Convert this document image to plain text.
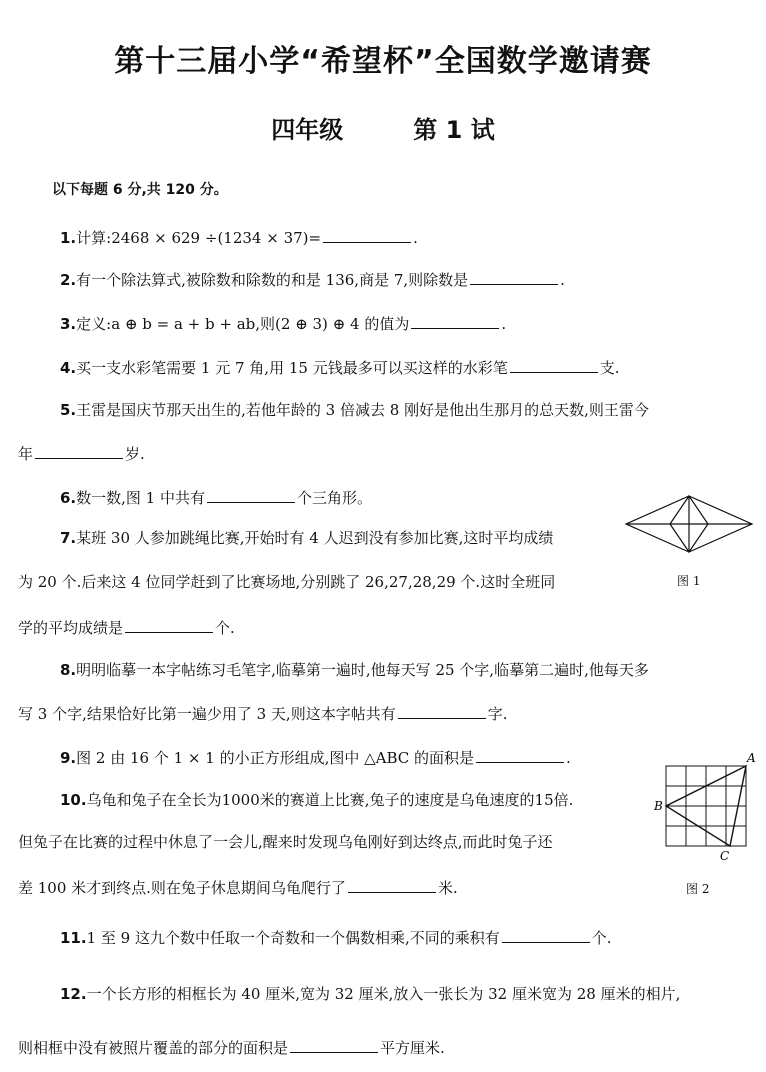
第十三届小学“希望杯”全国数学邀请赛
四年级	第 1 试
以下每题 6 分,共 120 分。
1.计算:2468 × 629 ÷(1234 × 37)=	.
2.有一个除法算式,被除数和除数的和是 136,商是 7,则除数是	.
3.定义:a ⊕ b = a + b + ab,则(2 ⊕ 3) ⊕ 4 的值为	.
4.买一支水彩笔需要 1 元 7 角,用 15 元钱最多可以买这样的水彩笔	支.
5.王雷是国庆节那天出生的,若他年龄的 3 倍减去 8 刚好是他出生那月的总天数,则王雷今
年	岁.
6.数一数,图 1 中共有	个三角形。
7.某班 30 人参加跳绳比赛,开始时有 4 人迟到没有参加比赛,这时平均成绩
为 20 个.后来这 4 位同学赶到了比赛场地,分别跳了 26,27,28,29 个.这时全班同
学的平均成绩是	个.
图 1
8.明明临摹一本字帖练习毛笔字,临摹第一遍时,他每天写 25 个字,临摹第二遍时,他每天多
写 3 个字,结果恰好比第一遍少用了 3 天,则这本字帖共有	字.
9.图 2 由 16 个 1 × 1 的小正方形组成,图中 △ABC 的面积是	.
10.乌龟和兔子在全长为1000米的赛道上比赛,兔子的速度是乌龟速度的15倍.
但兔子在比赛的过程中休息了一会儿,醒来时发现乌龟刚好到达终点,而此时兔子还
差 100 米才到终点.则在兔子休息期间乌龟爬行了	米.
A
B
C
图 2
11.1 至 9 这九个数中任取一个奇数和一个偶数相乘,不同的乘积有	个.
12.一个长方形的相框长为 40 厘米,宽为 32 厘米,放入一张长为 32 厘米宽为 28 厘米的相片,
则相框中没有被照片覆盖的部分的面积是	平方厘米.
